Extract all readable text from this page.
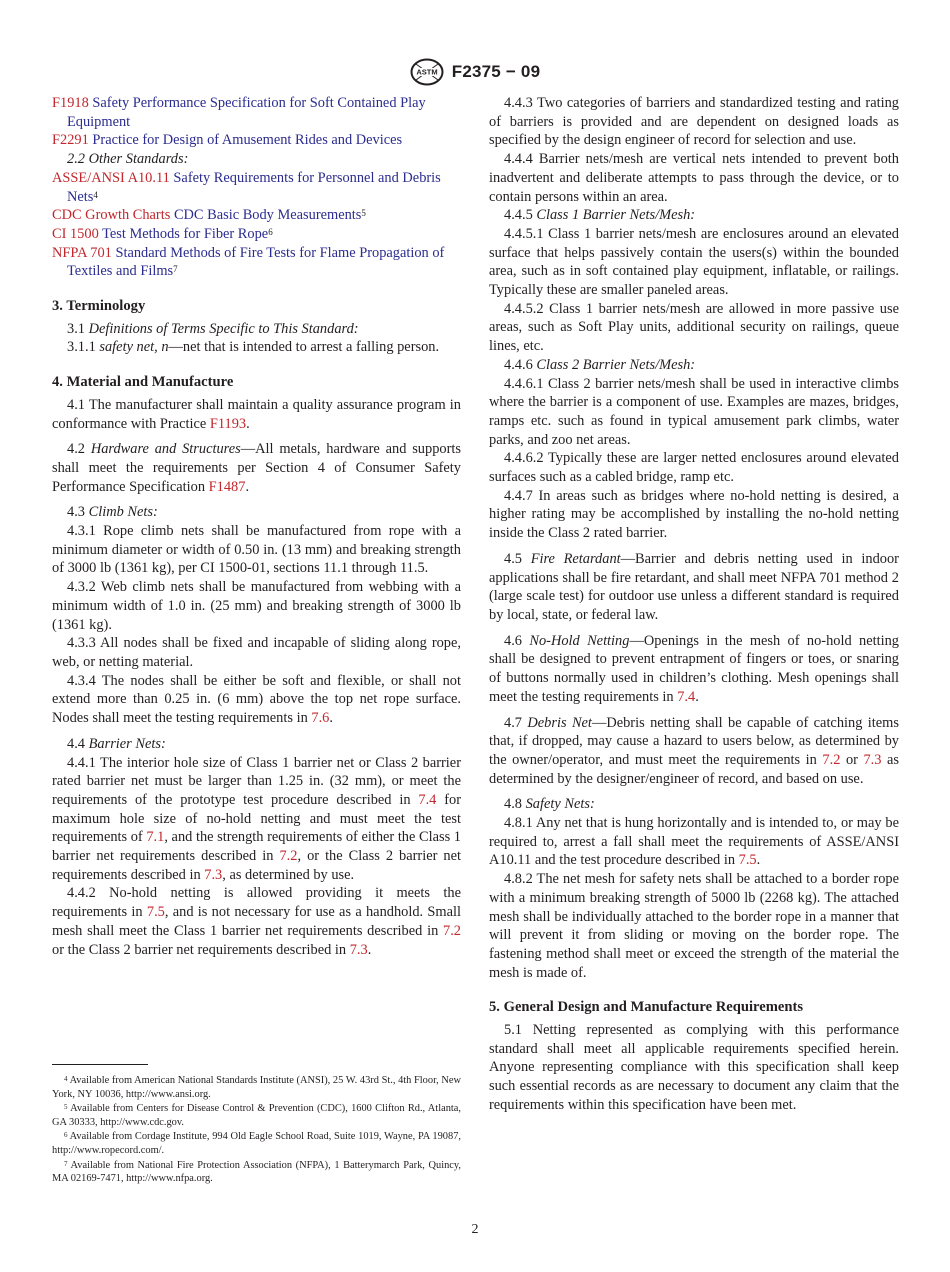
ASTM F2375 − 09

F1918 Safety Performance Specification for Soft Contained Play Equipment

F2291 Practice for Design of Amusement Rides and Devices

2.2 Other Standards:

ASSE/ANSI A10.11 Safety Requirements for Personnel and Debris Nets$^4$

CDC Growth Charts CDC Basic Body Measurements$^5$

CI 1500 Test Methods for Fiber Rope$^6$

NFPA 701 Standard Methods of Fire Tests for Flame Propagation of Textiles and Films$^7$

3. Terminology

3.1 Definitions of Terms Specific to This Standard:

3.1.1 safety net, n—net that is intended to arrest a falling person.

4. Material and Manufacture

4.1 The manufacturer shall maintain a quality assurance program in conformance with Practice F1193.

4.2 Hardware and Structures—All metals, hardware and supports shall meet the requirements per Section 4 of Consumer Safety Performance Specification F1487.

4.3 Climb Nets:

4.3.1 Rope climb nets shall be manufactured from rope with a minimum diameter or width of 0.50 in. (13 mm) and breaking strength of 3000 lb (1361 kg), per CI 1500-01, sections 11.1 through 11.5.

4.3.2 Web climb nets shall be manufactured from webbing with a minimum width of 1.0 in. (25 mm) and breaking strength of 3000 lb (1361 kg).

4.3.3 All nodes shall be fixed and incapable of sliding along rope, web, or netting material.

4.3.4 The nodes shall be either be soft and flexible, or shall not extend more than 0.25 in. (6 mm) above the top net rope surface. Nodes shall meet the testing requirements in 7.6.

4.4 Barrier Nets:

4.4.1 The interior hole size of Class 1 barrier net or Class 2 barrier rated barrier net must be larger than 1.25 in. (32 mm), or meet the requirements of the prototype test procedure described in 7.4 for maximum hole size of no-hold netting and must meet the test requirements of 7.1, and the strength requirements of either the Class 1 barrier net requirements described in 7.2, or the Class 2 barrier net requirements described in 7.3, as determined by use.

4.4.2 No-hold netting is allowed providing it meets the requirements in 7.5, and is not necessary for use as a handhold. Small mesh shall meet the Class 1 barrier net requirements described in 7.2 or the Class 2 barrier net requirements described in 7.3.

4.4.3 Two categories of barriers and standardized testing and rating of barriers is provided and are dependent on designed loads as specified by the design engineer of record for selection and use.

4.4.4 Barrier nets/mesh are vertical nets intended to prevent both inadvertent and deliberate attempts to pass through the device, or to contain persons within an area.

4.4.5 Class 1 Barrier Nets/Mesh:

4.4.5.1 Class 1 barrier nets/mesh are enclosures around an elevated surface that helps passively contain the users(s) within the bounded area, such as in soft contained play equipment, inflatable, or railings. Typically these are smaller paneled areas.

4.4.5.2 Class 1 barrier nets/mesh are allowed in more passive use areas, such as Soft Play units, additional security on railings, queue lines, etc.

4.4.6 Class 2 Barrier Nets/Mesh:

4.4.6.1 Class 2 barrier nets/mesh shall be used in interactive climbs where the barrier is a component of use. Examples are mazes, bridges, ramps etc. such as found in typical amusement park climbs, water parks, and zoo net areas.

4.4.6.2 Typically these are larger netted enclosures around elevated surfaces such as a cabled bridge, ramp etc.

4.4.7 In areas such as bridges where no-hold netting is desired, a higher rating may be accomplished by installing the no-hold netting inside the Class 2 rated barrier.

4.5 Fire Retardant—Barrier and debris netting used in indoor applications shall be fire retardant, and shall meet NFPA 701 method 2 (large scale test) for outdoor use unless a different standard is required by local, state, or federal law.

4.6 No-Hold Netting—Openings in the mesh of no-hold netting shall be designed to prevent entrapment of fingers or toes, or snaring of buttons normally used in children’s clothing. Mesh openings shall meet the testing requirements in 7.4.

4.7 Debris Net—Debris netting shall be capable of catching items that, if dropped, may cause a hazard to users below, as determined by the owner/operator, and must meet the requirements in 7.2 or 7.3 as determined by the designer/engineer of record, and based on use.

4.8 Safety Nets:

4.8.1 Any net that is hung horizontally and is intended to, or may be required to, arrest a fall shall meet the requirements of ASSE/ANSI A10.11 and the test procedure described in 7.5.

4.8.2 The net mesh for safety nets shall be attached to a border rope with a minimum breaking strength of 5000 lb (2268 kg). The attached mesh shall be individually attached to the border rope in a manner that will prevent it from sliding or moving on the border rope. The fastening method shall meet or exceed the strength of the material the mesh is made of.

5. General Design and Manufacture Requirements

5.1 Netting represented as complying with this performance standard shall meet all applicable requirements specified herein. Anyone representing compliance with this specification shall keep such essential records as are necessary to document any claim that the requirements within this specification have been met.

$^4$ Available from American National Standards Institute (ANSI), 25 W. 43rd St., 4th Floor, New York, NY 10036, http://www.ansi.org.

$^5$ Available from Centers for Disease Control & Prevention (CDC), 1600 Clifton Rd., Atlanta, GA 30333, http://www.cdc.gov.

$^6$ Available from Cordage Institute, 994 Old Eagle School Road, Suite 1019, Wayne, PA 19087, http://www.ropecord.com/.

$^7$ Available from National Fire Protection Association (NFPA), 1 Batterymarch Park, Quincy, MA 02169-7471, http://www.nfpa.org.

2
